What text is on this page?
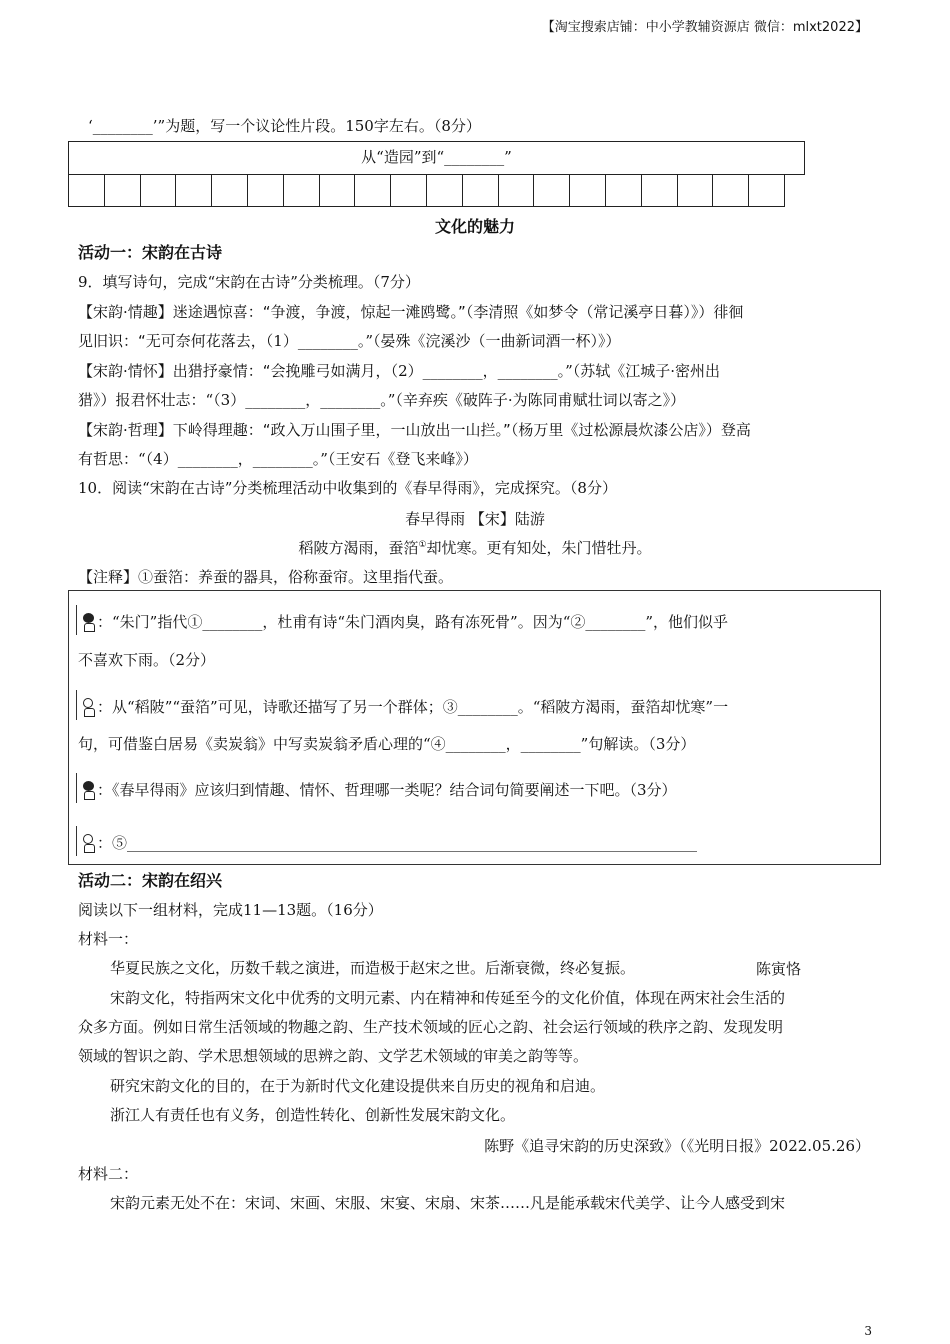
【淘宝搜索店铺：中小学教辅资源店 微信：mlxt2022】
‘________’”为题，写一个议论性片段。150字左右。（8分）
从“造园”到“________”
文化的魅力
活动一：宋韵在古诗
9．填写诗句，完成“宋韵在古诗”分类梳理。（7分）
【宋韵·情趣】迷途遇惊喜：“争渡，争渡，惊起一滩鸥鹭。”（李清照《如梦令（常记溪亭日暮）》）徘徊
见旧识：“无可奈何花落去，（1）________。”（晏殊《浣溪沙（一曲新词酒一杯）》）
【宋韵·情怀】出猎抒豪情：“会挽雕弓如满月，（2）________，________。”（苏轼《江城子·密州出
猎》）报君怀壮志：“（3）________，________。”（辛弃疾《破阵子·为陈同甫赋壮词以寄之》）
【宋韵·哲理】下岭得理趣：“政入万山围子里，一山放出一山拦。”（杨万里《过松源晨炊漆公店》）登高
有哲思：“（4）________，________。”（王安石《登飞来峰》）
10．阅读“宋韵在古诗”分类梳理活动中收集到的《春早得雨》，完成探究。（8分）
春早得雨 【宋】陆游
稻陂方渴雨，蚕箔①却忧寒。更有知处，朱门惜牡丹。
【注释】①蚕箔：养蚕的器具，俗称蚕帘。这里指代蚕。
：“朱门”指代①________，杜甫有诗“朱门酒肉臭，路有冻死骨”。因为“②________”，他们似乎
不喜欢下雨。（2分）
：从“稻陂”“蚕箔”可见，诗歌还描写了另一个群体；③________。“稻陂方渴雨，蚕箔却忧寒”一
句，可借鉴白居易《卖炭翁》中写卖炭翁矛盾心理的“④________，________”句解读。（3分）
：《春早得雨》应该归到情趣、情怀、哲理哪一类呢？结合词句简要阐述一下吧。（3分）
：⑤____________________________________________________________________________
活动二：宋韵在绍兴
阅读以下一组材料，完成11—13题。（16分）
材料一：
华夏民族之文化，历数千载之演进，而造极于赵宋之世。后渐衰微，终必复振。	陈寅恪
宋韵文化，特指两宋文化中优秀的文明元素、内在精神和传延至今的文化价值，体现在两宋社会生活的
众多方面。例如日常生活领域的物趣之韵、生产技术领域的匠心之韵、社会运行领域的秩序之韵、发现发明
领域的智识之韵、学术思想领域的思辨之韵、文学艺术领域的审美之韵等等。
研究宋韵文化的目的，在于为新时代文化建设提供来自历史的视角和启迪。
浙江人有责任也有义务，创造性转化、创新性发展宋韵文化。
陈野《追寻宋韵的历史深致》（《光明日报》2022.05.26）
材料二：
宋韵元素无处不在：宋词、宋画、宋服、宋宴、宋扇、宋茶……凡是能承载宋代美学、让今人感受到宋
3
